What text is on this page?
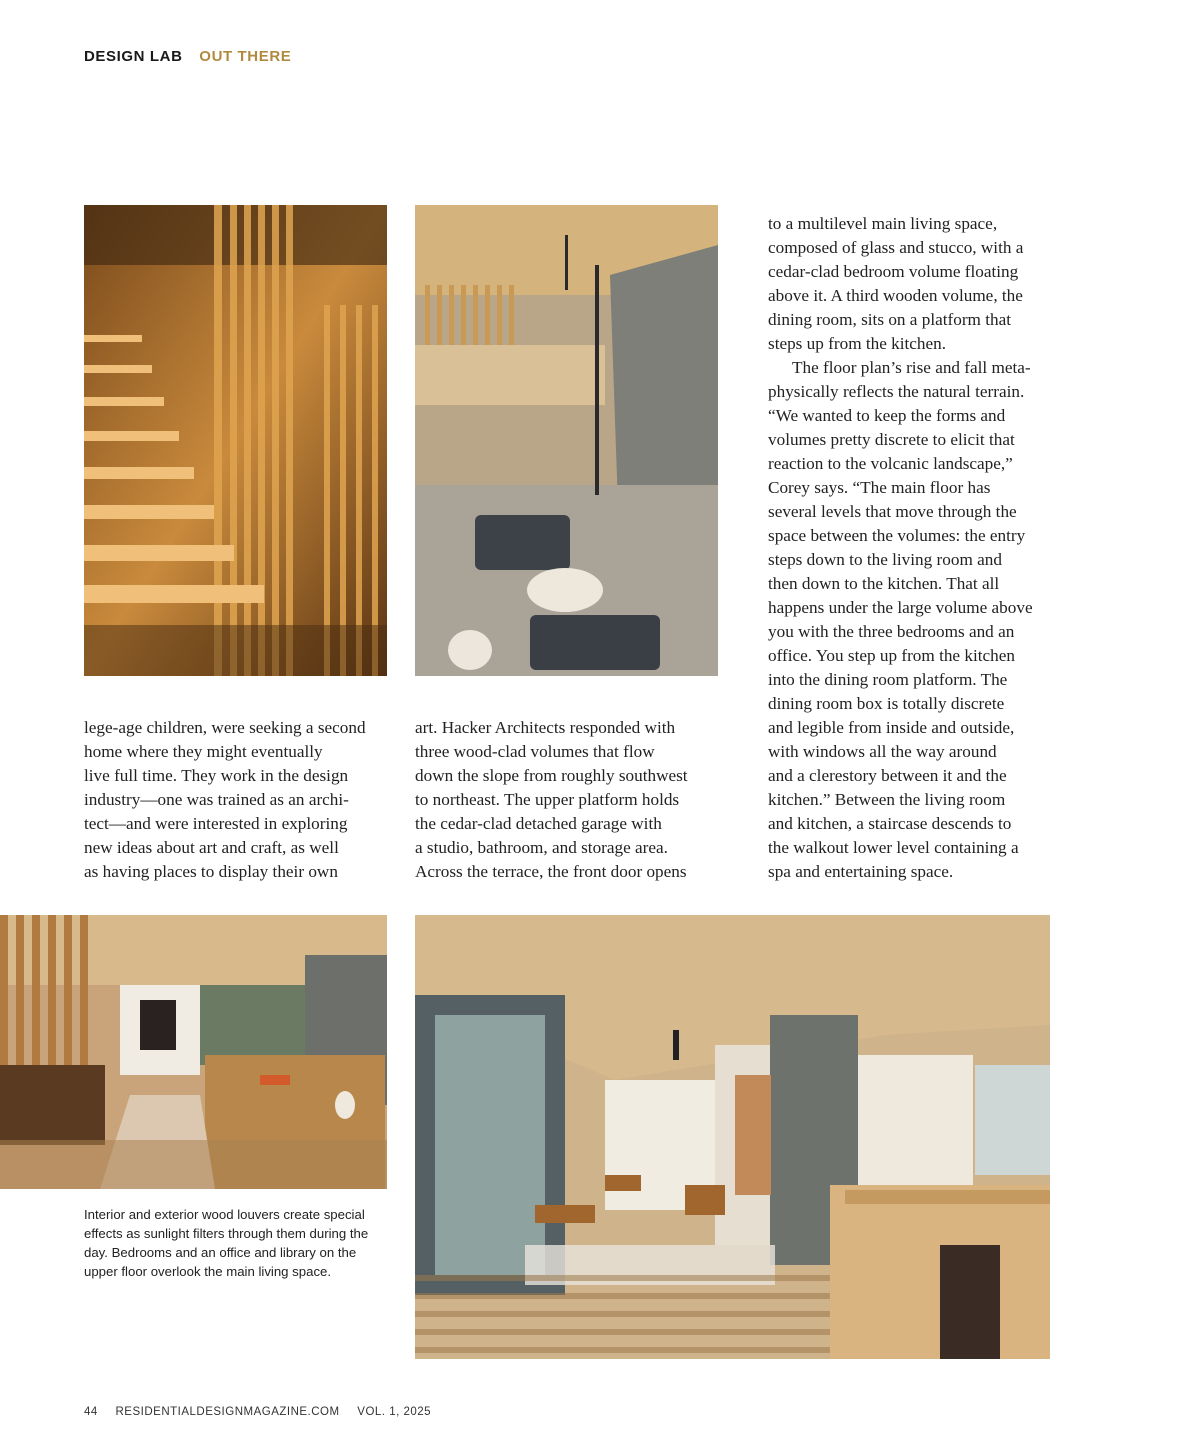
DESIGN LAB OUT THERE

to a multilevel main living space,
composed of glass and stucco, with a
cedar-clad bedroom volume floating
above it. A third wooden volume, the
dining room, sits on a platform that
steps up from the kitchen.

The floor plan’s rise and fall meta-
physically reflects the natural terrain.
“We wanted to keep the forms and
volumes pretty discrete to elicit that
reaction to the volcanic landscape,”
Corey says. “The main floor has
several levels that move through the
space between the volumes: the entry
steps down to the living room and
then down to the kitchen. That all
happens under the large volume above
you with the three bedrooms and an
office. You step up from the kitchen
into the dining room platform. The
dining room box is totally discrete
and legible from inside and outside,
with windows all the way around
and a clerestory between it and the
kitchen.” Between the living room
and kitchen, a staircase descends to
the walkout lower level containing a
spa and entertaining space.

lege-age children, were seeking a second
home where they might eventually
live full time. They work in the design
industry—one was trained as an archi-
tect—and were interested in exploring
new ideas about art and craft, as well
as having places to display their own

art. Hacker Architects responded with
three wood-clad volumes that flow
down the slope from roughly southwest
to northeast. The upper platform holds
the cedar-clad detached garage with
a studio, bathroom, and storage area.
Across the terrace, the front door opens

Interior and exterior wood louvers create special effects as sunlight filters through them during the day. Bedrooms and an office and library on the upper floor overlook the main living space.
44 RESIDENTIALDESIGNMAGAZINE.COM VOL. 1, 2025
